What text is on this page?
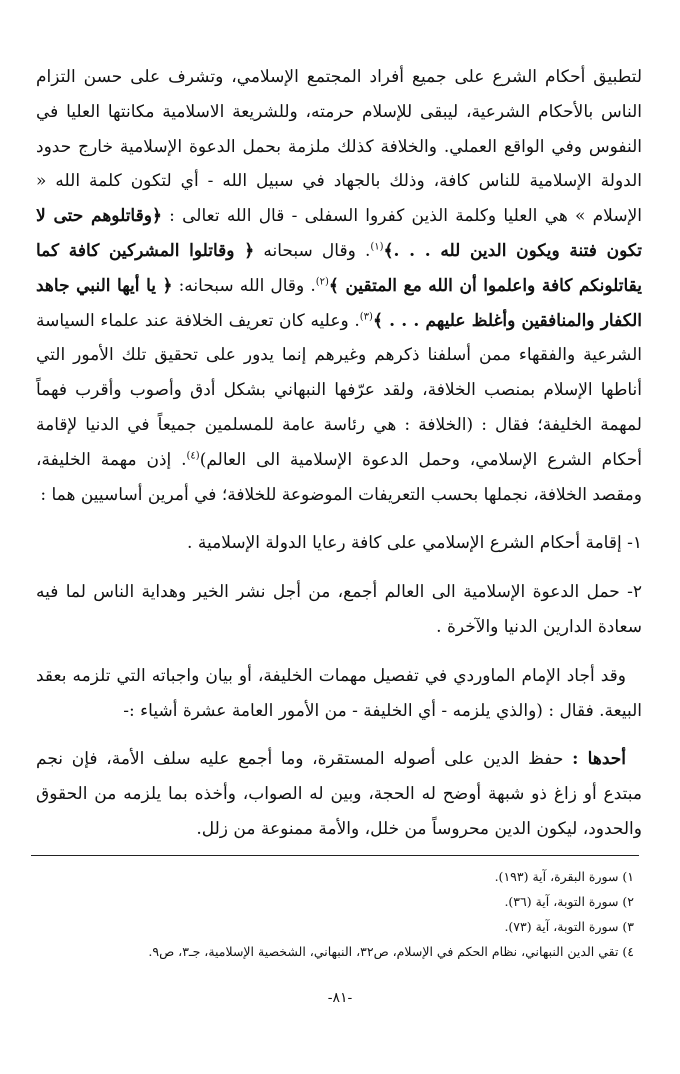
لتطبيق أحكام الشرع على جميع أفراد المجتمع الإسلامي، وتشرف على حسن التزام الناس بالأحكام الشرعية، ليبقى للإسلام حرمته، وللشريعة الاسلامية مكانتها العليا في النفوس وفي الواقع العملي. والخلافة كذلك ملزمة بحمل الدعوة الإسلامية خارج حدود الدولة الإسلامية للناس كافة، وذلك بالجهاد في سبيل الله - أي لتكون كلمة الله « الإسلام » هي العليا وكلمة الذين كفروا السفلى - قال الله تعالى : ﴿وقاتلوهم حتى لا تكون فتنة ويكون الدين لله . . .﴾$^{(١)}$. وقال سبحانه ﴿ وقاتلوا المشركين كافة كما يقاتلونكم كافة واعلموا أن الله مع المتقين ﴾$^{(٢)}$. وقال الله سبحانه: ﴿ يا أيها النبي جاهد الكفار والمنافقين وأغلظ عليهم . . . ﴾$^{(٣)}$. وعليه كان تعريف الخلافة عند علماء السياسة الشرعية والفقهاء ممن أسلفنا ذكرهم وغيرهم إنما يدور على تحقيق تلك الأمور التي أناطها الإسلام بمنصب الخلافة، ولقد عرّفها النبهاني بشكل أدق وأصوب وأقرب فهماً لمهمة الخليفة؛ فقال : (الخلافة : هي رئاسة عامة للمسلمين جميعاً في الدنيا لإقامة أحكام الشرع الإسلامي، وحمل الدعوة الإسلامية الى العالم)$^{(٤)}$. إذن مهمة الخليفة، ومقصد الخلافة، نجملها بحسب التعريفات الموضوعة للخلافة؛ في أمرين أساسيين هما :

١- إقامة أحكام الشرع الإسلامي على كافة رعايا الدولة الإسلامية .

٢- حمل الدعوة الإسلامية الى العالم أجمع، من أجل نشر الخير وهداية الناس لما فيه سعادة الدارين الدنيا والآخرة .

وقد أجاد الإمام الماوردي في تفصيل مهمات الخليفة، أو بيان واجباته التي تلزمه بعقد البيعة. فقال : (والذي يلزمه - أي الخليفة - من الأمور العامة عشرة أشياء :-

أحدها : حفظ الدين على أصوله المستقرة، وما أجمع عليه سلف الأمة، فإن نجم مبتدع أو زاغ ذو شبهة أوضح له الحجة، وبين له الصواب، وأخذه بما يلزمه من الحقوق والحدود، ليكون الدين محروساً من خلل، والأمة ممنوعة من زلل.

١) سورة البقرة، آية (١٩٣).

٢) سورة التوبة، آية (٣٦).

٣) سورة التوبة، آية (٧٣).

٤) تقي الدين النبهاني، نظام الحكم في الإسلام، ص٣٢، النبهاني، الشخصية الإسلامية، جـ٣، ص٩.

-٨١-
